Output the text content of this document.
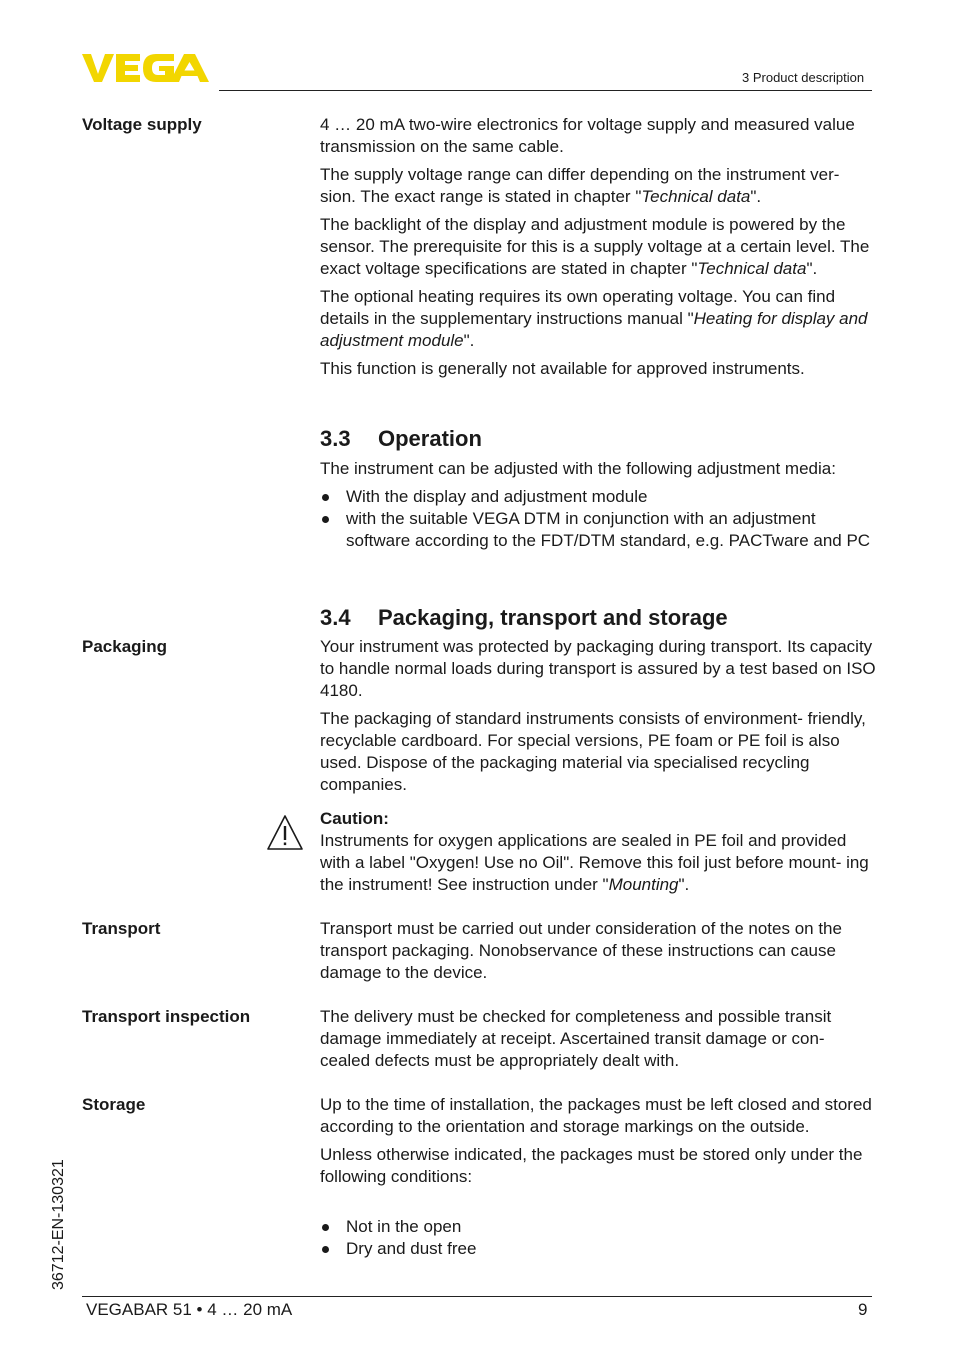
3 Product description
Voltage supply	4 … 20 mA two-wire electronics for voltage supply and measured value transmission on the same cable.

The supply voltage range can differ depending on the instrument ver- sion. The exact range is stated in chapter "Technical data".

The backlight of the display and adjustment module is powered by the sensor. The prerequisite for this is a supply voltage at a certain level. The exact voltage specifications are stated in chapter "Technical data".

The optional heating requires its own operating voltage. You can find details in the supplementary instructions manual "Heating for display and adjustment module".

This function is generally not available for approved instruments.

3.3 Operation
The instrument can be adjusted with the following adjustment media:
With the display and adjustment module
with the suitable VEGA DTM in conjunction with an adjustment software according to the FDT/DTM standard, e.g. PACTware and PC
3.4 Packaging, transport and storage
Packaging	Your instrument was protected by packaging during transport. Its capacity to handle normal loads during transport is assured by a test based on ISO 4180.

The packaging of standard instruments consists of environment- friendly, recyclable cardboard. For special versions, PE foam or PE foil is also used. Dispose of the packaging material via specialised recycling companies.

Caution:

Instruments for oxygen applications are sealed in PE foil and provided with a label "Oxygen! Use no Oil". Remove this foil just before mount- ing the instrument! See instruction under "Mounting".

Transport	Transport must be carried out under consideration of the notes on the transport packaging. Nonobservance of these instructions can cause damage to the device.
Transport inspection	The delivery must be checked for completeness and possible transit damage immediately at receipt. Ascertained transit damage or con- cealed defects must be appropriately dealt with.
Storage	Up to the time of installation, the packages must be left closed and stored according to the orientation and storage markings on the outside.

Unless otherwise indicated, the packages must be stored only under the following conditions:

Not in the open
Dry and dust free
36712-EN-130321
VEGABAR 51 • 4 … 20 mA	9
